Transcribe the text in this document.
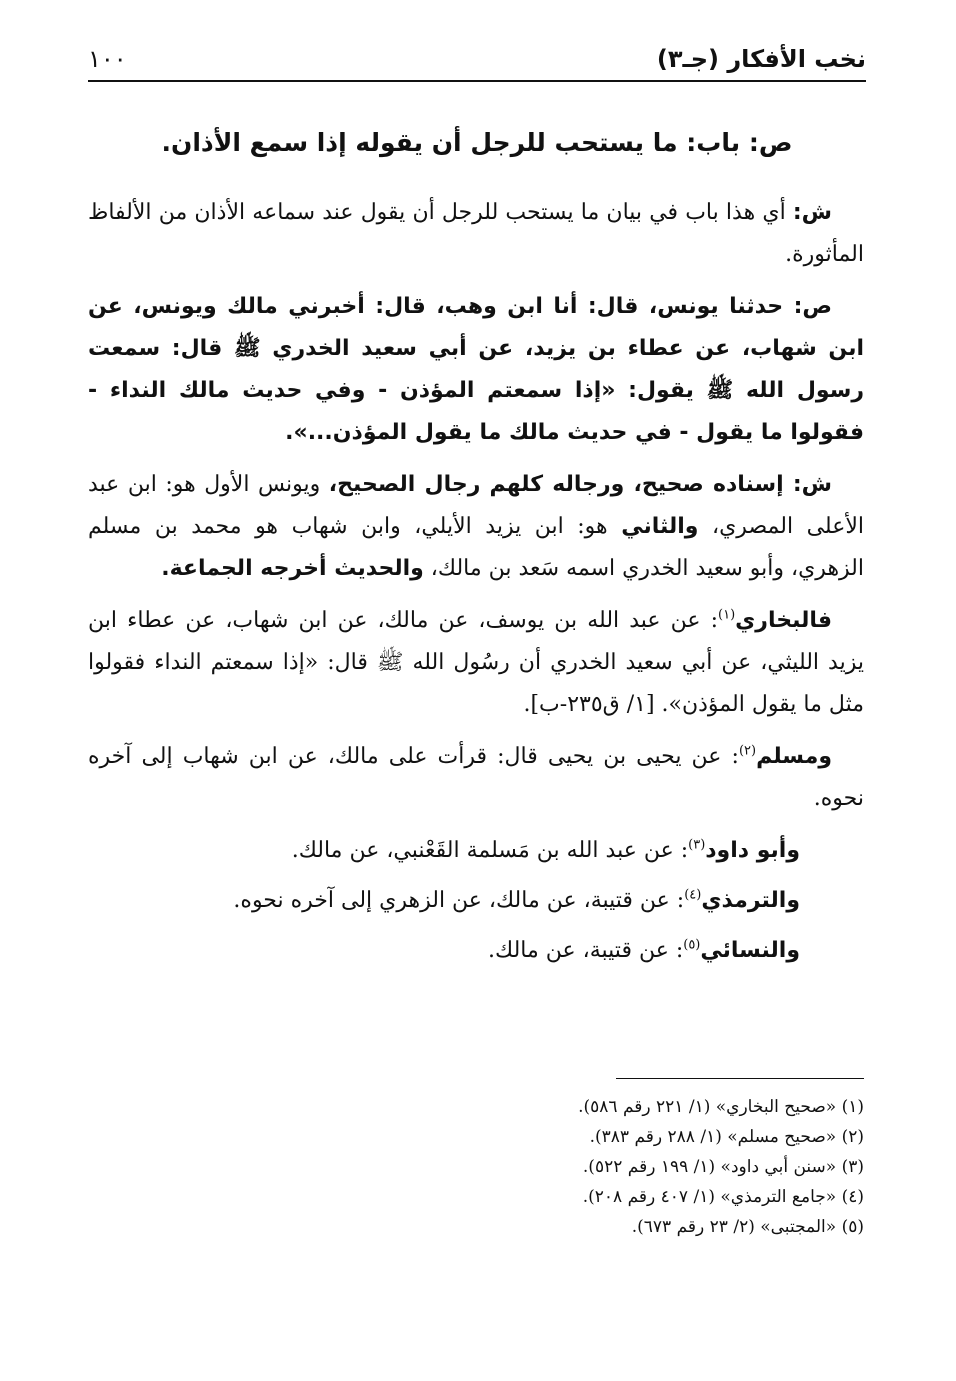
نخب الأفكار (جـ٣)
١٠٠
ص: باب: ما يستحب للرجل أن يقوله إذا سمع الأذان.

ش: أي هذا باب في بيان ما يستحب للرجل أن يقول عند سماعه الأذان من الألفاظ المأثورة.

ص: حدثنا يونس، قال: أنا ابن وهب، قال: أخبرني مالك ويونس، عن ابن شهاب، عن عطاء بن يزيد، عن أبي سعيد الخدري ﷺ قال: سمعت رسول الله ﷺ يقول: «إذا سمعتم المؤذن - وفي حديث مالك النداء - فقولوا ما يقول - في حديث مالك ما يقول المؤذن...».

ش: إسناده صحيح، ورجاله كلهم رجال الصحيح، ويونس الأول هو: ابن عبد الأعلى المصري، والثاني هو: ابن يزيد الأيلي، وابن شهاب هو محمد بن مسلم الزهري، وأبو سعيد الخدري اسمه سَعد بن مالك، والحديث أخرجه الجماعة.

فالبخاري$^{(١)}$: عن عبد الله بن يوسف، عن مالك، عن ابن شهاب، عن عطاء ابن يزيد الليثي، عن أبي سعيد الخدري أن رسُول الله ﷺ قال: «إذا سمعتم النداء فقولوا مثل ما يقول المؤذن». [١/ ق٢٣٥-ب].

ومسلم$^{(٢)}$: عن يحيى بن يحيى قال: قرأت على مالك، عن ابن شهاب إلى آخره نحوه.

وأبو داود$^{(٣)}$: عن عبد الله بن مَسلمة القَعْنبي، عن مالك.

والترمذي$^{(٤)}$: عن قتيبة، عن مالك، عن الزهري إلى آخره نحوه.

والنسائي$^{(٥)}$: عن قتيبة، عن مالك.

(١) «صحيح البخاري» (١/ ٢٢١ رقم ٥٨٦).

(٢) «صحيح مسلم» (١/ ٢٨٨ رقم ٣٨٣).

(٣) «سنن أبي داود» (١/ ١٩٩ رقم ٥٢٢).

(٤) «جامع الترمذي» (١/ ٤٠٧ رقم ٢٠٨).

(٥) «المجتبى» (٢/ ٢٣ رقم ٦٧٣).
